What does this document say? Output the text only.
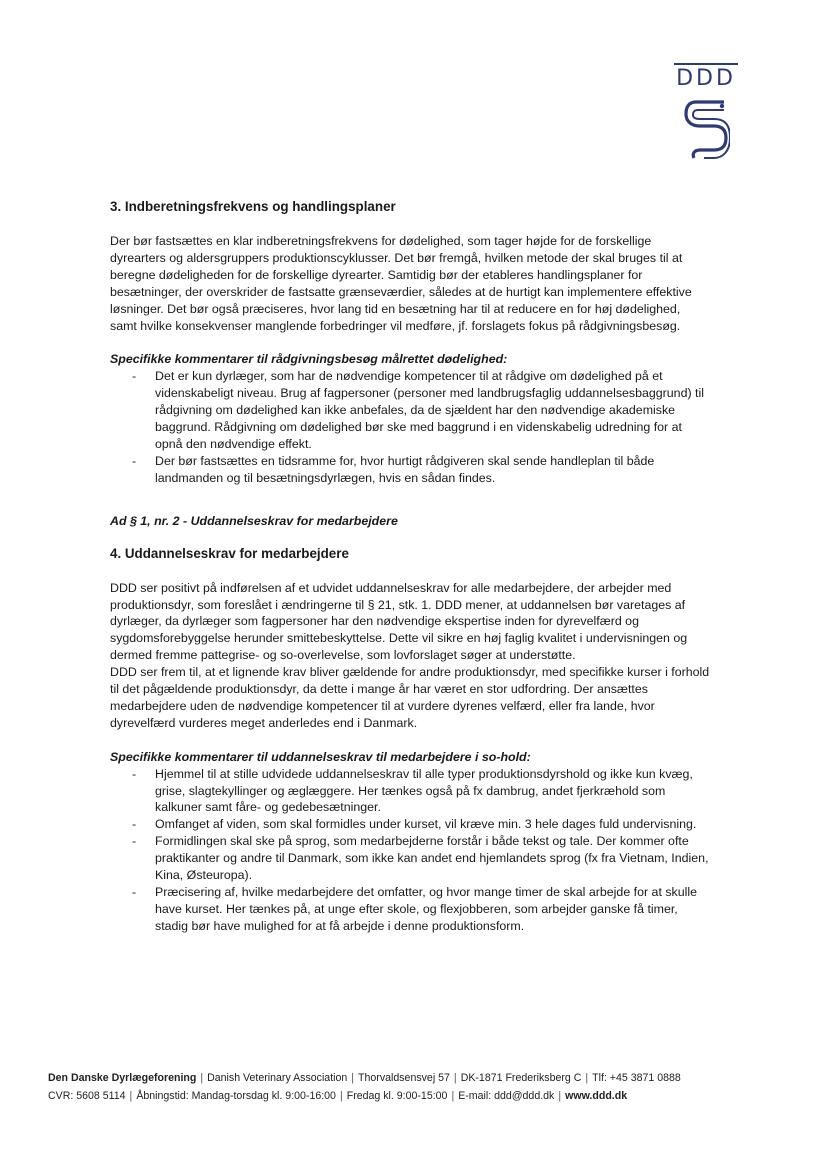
DDD
3. Indberetningsfrekvens og handlingsplaner

Der bør fastsættes en klar indberetningsfrekvens for dødelighed, som tager højde for de forskellige dyrearters og aldersgruppers produktionscyklusser. Det bør fremgå, hvilken metode der skal bruges til at beregne dødeligheden for de forskellige dyrearter. Samtidig bør der etableres handlingsplaner for besætninger, der overskrider de fastsatte grænseværdier, således at de hurtigt kan implementere effektive løsninger. Det bør også præciseres, hvor lang tid en besætning har til at reducere en for høj dødelighed, samt hvilke konsekvenser manglende forbedringer vil medføre, jf. forslagets fokus på rådgivningsbesøg.

Specifikke kommentarer til rådgivningsbesøg målrettet dødelighed:

- Det er kun dyrlæger, som har de nødvendige kompetencer til at rådgive om dødelighed på et videnskabeligt niveau. Brug af fagpersoner (personer med landbrugsfaglig uddannelsesbaggrund) til rådgivning om dødelighed kan ikke anbefales, da de sjældent har den nødvendige akademiske baggrund. Rådgivning om dødelighed bør ske med baggrund i en videnskabelig udredning for at opnå den nødvendige effekt.
- Der bør fastsættes en tidsramme for, hvor hurtigt rådgiveren skal sende handleplan til både landmanden og til besætningsdyrlægen, hvis en sådan findes.

Ad § 1, nr. 2 - Uddannelseskrav for medarbejdere

4. Uddannelseskrav for medarbejdere

DDD ser positivt på indførelsen af et udvidet uddannelseskrav for alle medarbejdere, der arbejder med produktionsdyr, som foreslået i ændringerne til § 21, stk. 1. DDD mener, at uddannelsen bør varetages af dyrlæger, da dyrlæger som fagpersoner har den nødvendige ekspertise inden for dyrevelfærd og sygdomsforebyggelse herunder smittebeskyttelse. Dette vil sikre en høj faglig kvalitet i undervisningen og dermed fremme pattegrise- og so-overlevelse, som lovforslaget søger at understøtte.

DDD ser frem til, at et lignende krav bliver gældende for andre produktionsdyr, med specifikke kurser i forhold til det pågældende produktionsdyr, da dette i mange år har været en stor udfordring. Der ansættes medarbejdere uden de nødvendige kompetencer til at vurdere dyrenes velfærd, eller fra lande, hvor dyrevelfærd vurderes meget anderledes end i Danmark.

Specifikke kommentarer til uddannelseskrav til medarbejdere i so-hold:

- Hjemmel til at stille udvidede uddannelseskrav til alle typer produktionsdyrshold og ikke kun kvæg, grise, slagtekyllinger og æglæggere. Her tænkes også på fx dambrug, andet fjerkræhold som kalkuner samt fåre- og gedebesætninger.
- Omfanget af viden, som skal formidles under kurset, vil kræve min. 3 hele dages fuld undervisning.
- Formidlingen skal ske på sprog, som medarbejderne forstår i både tekst og tale. Der kommer ofte praktikanter og andre til Danmark, som ikke kan andet end hjemlandets sprog (fx fra Vietnam, Indien, Kina, Østeuropa).
- Præcisering af, hvilke medarbejdere det omfatter, og hvor mange timer de skal arbejde for at skulle have kurset. Her tænkes på, at unge efter skole, og flexjobberen, som arbejder ganske få timer, stadig bør have mulighed for at få arbejde i denne produktionsform.
Den Danske Dyrlægeforening | Danish Veterinary Association | Thorvaldsensvej 57 | DK-1871 Frederiksberg C | Tlf: +45 3871 0888
CVR: 5608 5114 | Åbningstid: Mandag-torsdag kl. 9:00-16:00 | Fredag kl. 9:00-15:00 | E-mail: ddd@ddd.dk | www.ddd.dk
